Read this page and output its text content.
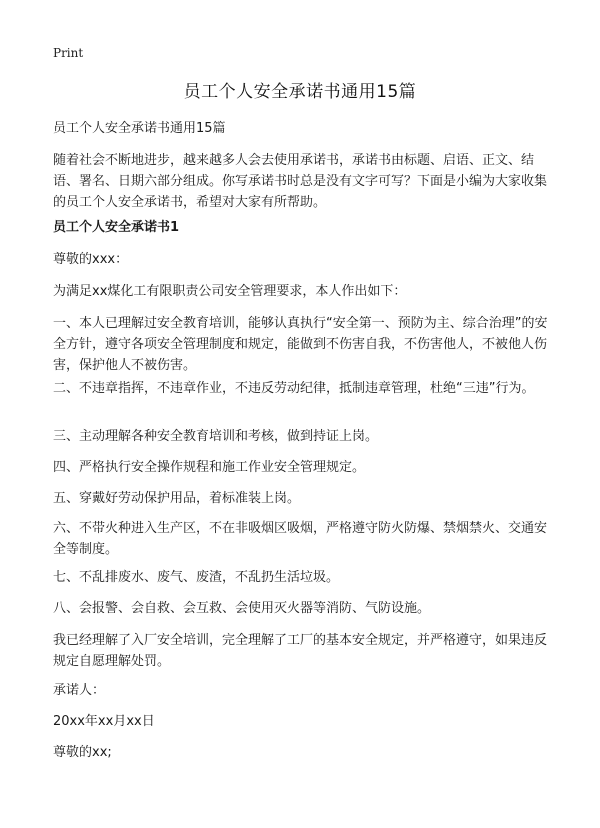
Print
员工个人安全承诺书通用15篇

员工个人安全承诺书通用15篇

随着社会不断地进步，越来越多人会去使用承诺书，承诺书由标题、启语、正文、结语、署名、日期六部分组成。你写承诺书时总是没有文字可写？下面是小编为大家收集的员工个人安全承诺书，希望对大家有所帮助。

员工个人安全承诺书1

尊敬的xxx：

为满足xx煤化工有限职责公司安全管理要求，本人作出如下：

一、本人已理解过安全教育培训，能够认真执行“安全第一、预防为主、综合治理”的安全方针，遵守各项安全管理制度和规定，能做到不伤害自我，不伤害他人，不被他人伤害，保护他人不被伤害。

二、不违章指挥，不违章作业，不违反劳动纪律，抵制违章管理，杜绝“三违”行为。

三、主动理解各种安全教育培训和考核，做到持证上岗。

四、严格执行安全操作规程和施工作业安全管理规定。

五、穿戴好劳动保护用品，着标准装上岗。

六、不带火种进入生产区，不在非吸烟区吸烟，严格遵守防火防爆、禁烟禁火、交通安全等制度。

七、不乱排废水、废气、废渣，不乱扔生活垃圾。

八、会报警、会自救、会互救、会使用灭火器等消防、气防设施。

我已经理解了入厂安全培训，完全理解了工厂的基本安全规定，并严格遵守，如果违反规定自愿理解处罚。

承诺人：

20xx年xx月xx日

尊敬的xx;
